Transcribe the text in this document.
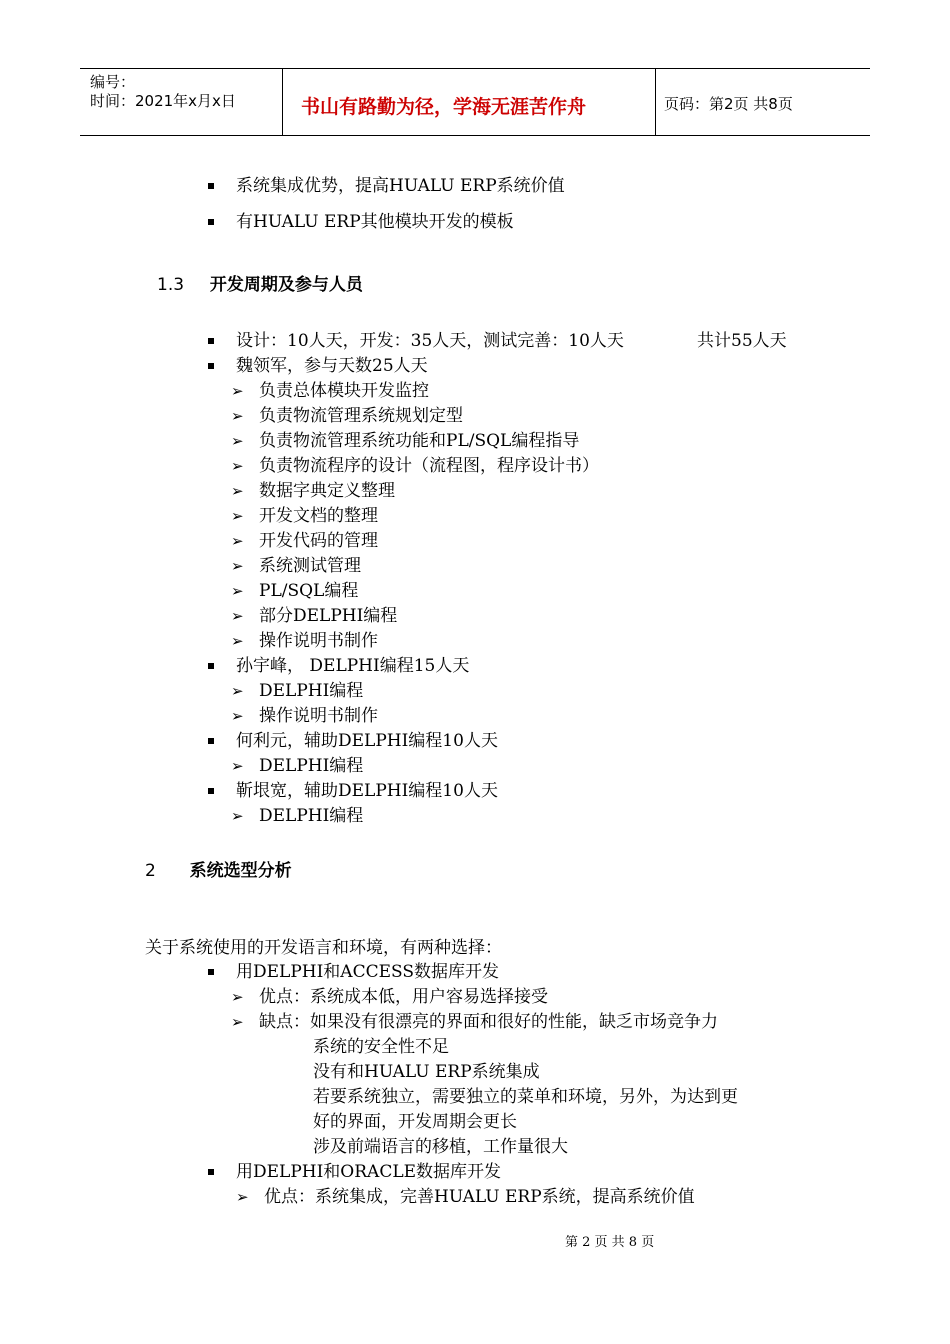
编号：
时间：2021年x月x日	书山有路勤为径，学海无涯苦作舟	页码：第2页 共8页
系统集成优势，提高HUALU ERP系统价值
有HUALU ERP其他模块开发的模板
1.3 开发周期及参与人员
设计：10人天，开发：35人天，测试完善：10人天	共计55人天
魏领军，参与天数25人天
➢ 负责总体模块开发监控
➢ 负责物流管理系统规划定型
➢ 负责物流管理系统功能和PL/SQL编程指导
➢ 负责物流程序的设计（流程图，程序设计书）
➢ 数据字典定义整理
➢ 开发文档的整理
➢ 开发代码的管理
➢ 系统测试管理
➢ PL/SQL编程
➢ 部分DELPHI编程
➢ 操作说明书制作
孙宇峰， DELPHI编程15人天
➢ DELPHI编程
➢ 操作说明书制作
何利元，辅助DELPHI编程10人天
➢ DELPHI编程
靳垠宽，辅助DELPHI编程10人天
➢ DELPHI编程
2 系统选型分析
关于系统使用的开发语言和环境，有两种选择：
用DELPHI和ACCESS数据库开发
➢ 优点：系统成本低，用户容易选择接受
➢ 缺点：如果没有很漂亮的界面和很好的性能，缺乏市场竞争力
系统的安全性不足
没有和HUALU ERP系统集成
若要系统独立，需要独立的菜单和环境，另外，为达到更
好的界面，开发周期会更长
涉及前端语言的移植，工作量很大
用DELPHI和ORACLE数据库开发
➢ 优点：系统集成，完善HUALU ERP系统，提高系统价值
第 2 页 共 8 页
